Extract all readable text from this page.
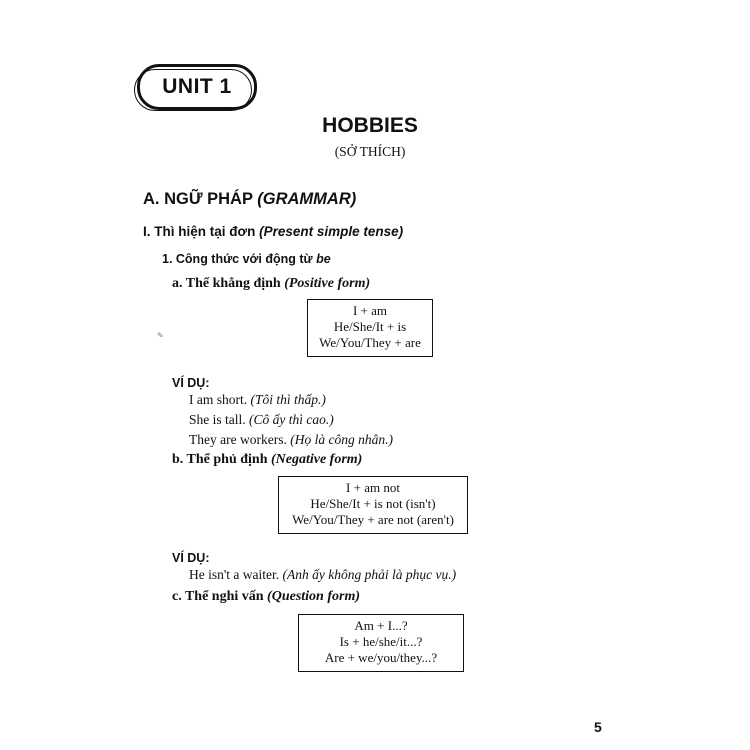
UNIT 1
HOBBIES
(SỞ THÍCH)
A. NGỮ PHÁP (GRAMMAR)
I. Thì hiện tại đơn (Present simple tense)
1. Công thức với động từ be
a. Thể khẳng định (Positive form)
I + am
He/She/It + is
We/You/They + are
VÍ DỤ:
I am short. (Tôi thì thấp.)
She is tall. (Cô ấy thì cao.)
They are workers. (Họ là công nhân.)
b. Thể phủ định (Negative form)
I + am not
He/She/It + is not (isn't)
We/You/They + are not (aren't)
VÍ DỤ:
He isn't a waiter. (Anh ấy không phải là phục vụ.)
c. Thể nghi vấn (Question form)
Am + I...?
Is + he/she/it...?
Are + we/you/they...?
5
✎
